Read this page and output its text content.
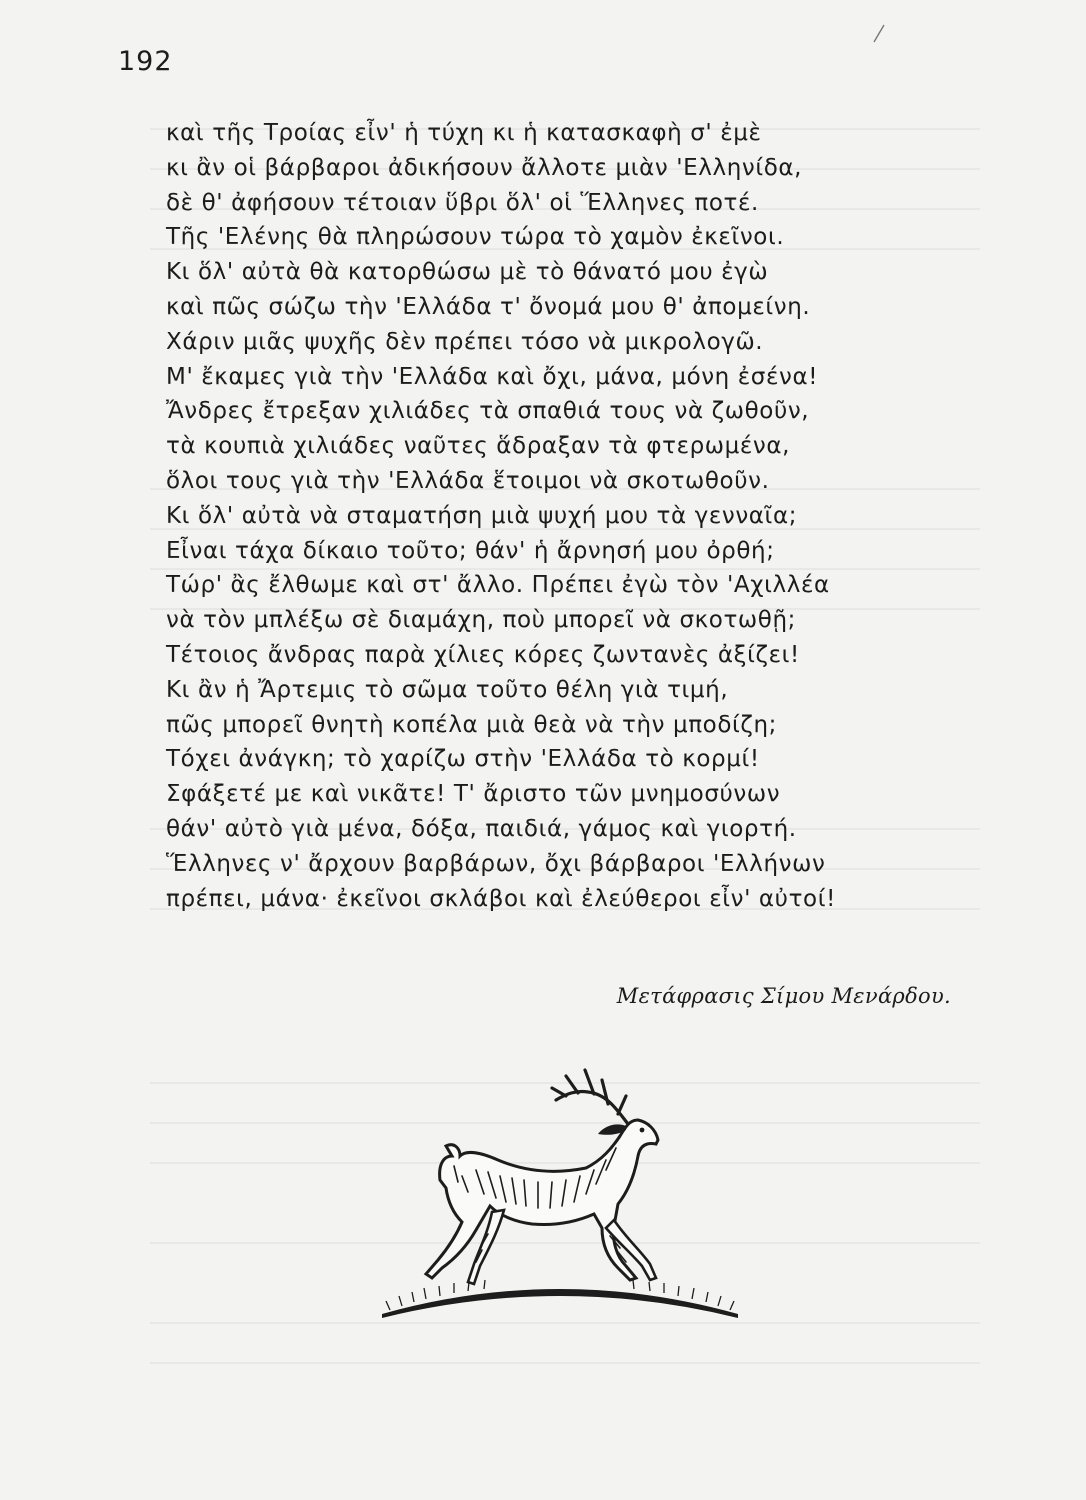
192
καὶ τῆς Τροίας εἶν' ἡ τύχη κι ἡ κατασκαφὴ σ' ἐμὲ
κι ἂν οἱ βάρβαροι ἀδικήσουν ἄλλοτε μιὰν 'Ελληνίδα,
δὲ θ' ἀφήσουν τέτοιαν ὕβρι ὅλ' οἱ Ἕλληνες ποτέ.
Τῆς 'Ελένης θὰ πληρώσουν τώρα τὸ χαμὸν ἐκεῖνοι.
Κι ὅλ' αὐτὰ θὰ κατορθώσω μὲ τὸ θάνατό μου ἐγὼ
καὶ πῶς σώζω τὴν 'Ελλάδα τ' ὄνομά μου θ' ἀπομείνη.
Χάριν μιᾶς ψυχῆς δὲν πρέπει τόσο νὰ μικρολογῶ.
Μ' ἔκαμες γιὰ τὴν 'Ελλάδα καὶ ὄχι, μάνα, μόνη ἐσένα!
Ἄνδρες ἔτρεξαν χιλιάδες τὰ σπαθιά τους νὰ ζωθοῦν,
τὰ κουπιὰ χιλιάδες ναῦτες ἅδραξαν τὰ φτερωμένα,
ὅλοι τους γιὰ τὴν 'Ελλάδα ἕτοιμοι νὰ σκοτωθοῦν.
Κι ὅλ' αὐτὰ νὰ σταματήση μιὰ ψυχή μου τὰ γενναῖα;
Εἶναι τάχα δίκαιο τοῦτο; θάν' ἡ ἄρνησή μου ὀρθή;
Τώρ' ἂς ἔλθωμε καὶ στ' ἄλλο. Πρέπει ἐγὼ τὸν 'Αχιλλέα
νὰ τὸν μπλέξω σὲ διαμάχη, ποὺ μπορεῖ νὰ σκοτωθῇ;
Τέτοιος ἄνδρας παρὰ χίλιες κόρες ζωντανὲς ἀξίζει!
Κι ἂν ἡ Ἄρτεμις τὸ σῶμα τοῦτο θέλη γιὰ τιμή,
πῶς μπορεῖ θνητὴ κοπέλα μιὰ θεὰ νὰ τὴν μποδίζη;
Τόχει ἀνάγκη; τὸ χαρίζω στὴν 'Ελλάδα τὸ κορμί!
Σφάξετέ με καὶ νικᾶτε! Τ' ἄριστο τῶν μνημοσύνων
θάν' αὐτὸ γιὰ μένα, δόξα, παιδιά, γάμος καὶ γιορτή.
Ἕλληνες ν' ἄρχουν βαρβάρων, ὄχι βάρβαροι 'Ελλήνων
πρέπει, μάνα· ἐκεῖνοι σκλάβοι καὶ ἐλεύθεροι εἶν' αὐτοί!
Μετάφρασις Σίμου Μενάρδου.
